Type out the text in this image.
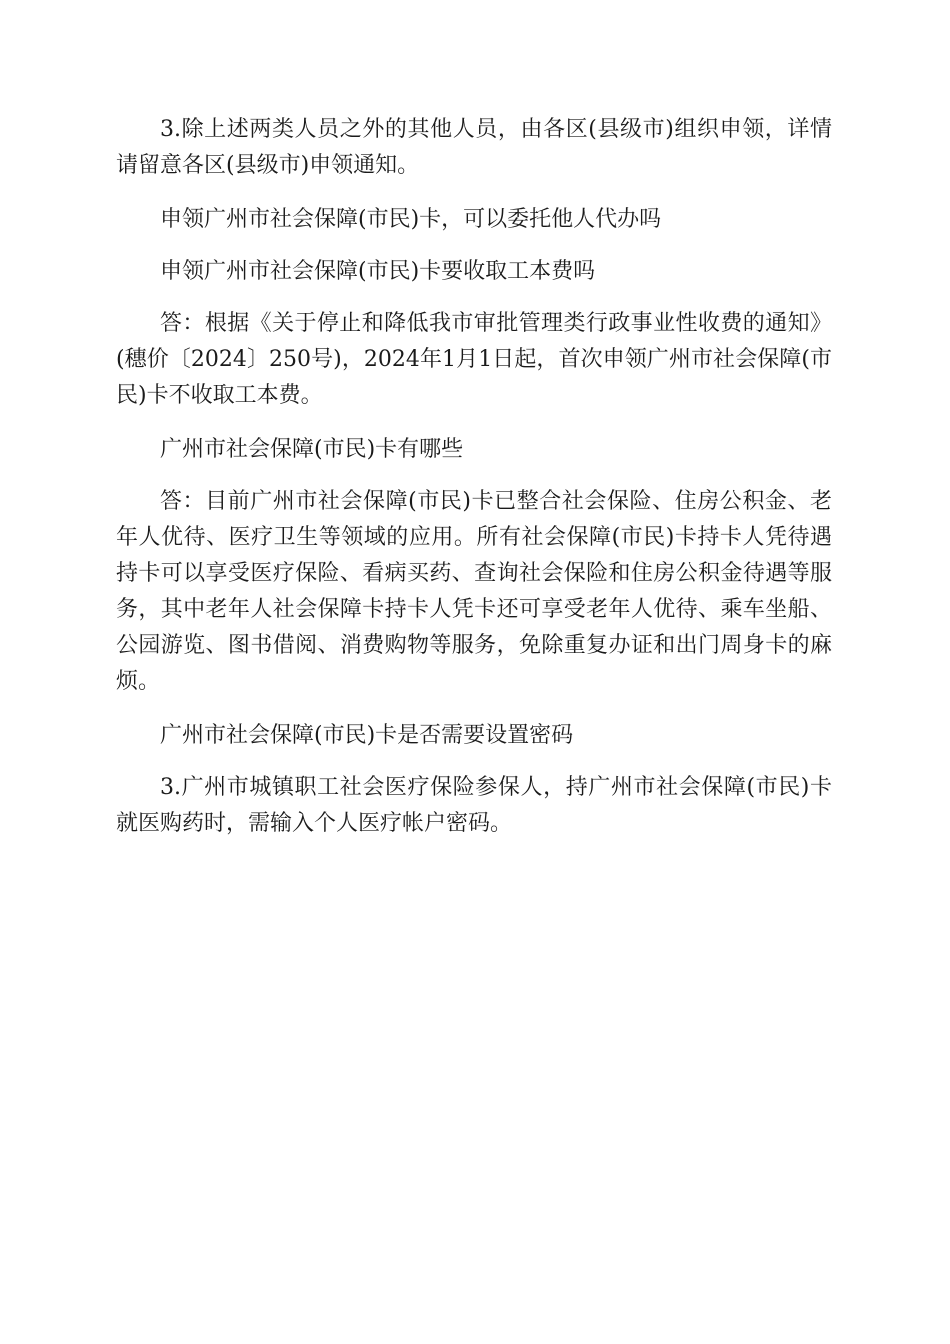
3.除上述两类人员之外的其他人员，由各区(县级市)组织申领，详情请留意各区(县级市)申领通知。

申领广州市社会保障(市民)卡，可以委托他人代办吗

申领广州市社会保障(市民)卡要收取工本费吗

答：根据《关于停止和降低我市审批管理类行政事业性收费的通知》(穗价〔2024〕250号)，2024年1月1日起，首次申领广州市社会保障(市民)卡不收取工本费。

广州市社会保障(市民)卡有哪些

答：目前广州市社会保障(市民)卡已整合社会保险、住房公积金、老年人优待、医疗卫生等领域的应用。所有社会保障(市民)卡持卡人凭待遇持卡可以享受医疗保险、看病买药、查询社会保险和住房公积金待遇等服务，其中老年人社会保障卡持卡人凭卡还可享受老年人优待、乘车坐船、公园游览、图书借阅、消费购物等服务，免除重复办证和出门周身卡的麻烦。

广州市社会保障(市民)卡是否需要设置密码

3.广州市城镇职工社会医疗保险参保人，持广州市社会保障(市民)卡就医购药时，需输入个人医疗帐户密码。
